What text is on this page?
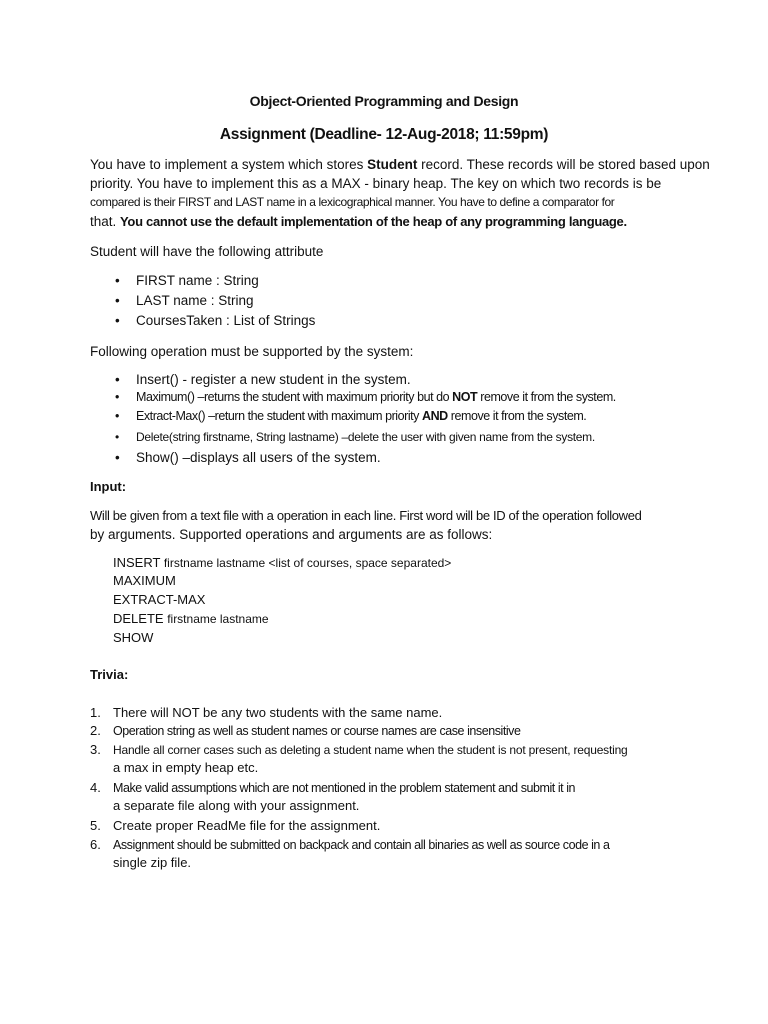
Object-Oriented Programming and Design
Assignment (Deadline- 12-Aug-2018; 11:59pm)
You have to implement a system which stores Student record. These records will be stored based upon
priority. You have to implement this as a MAX - binary heap. The key on which two records is be
compared is their FIRST and LAST name in a lexicographical manner. You have to define a comparator for
that. You cannot use the default implementation of the heap of any programming language.
Student will have the following attribute
• FIRST name : String
• LAST name : String
• CoursesTaken : List of Strings
Following operation must be supported by the system:
• Insert() - register a new student in the system.
• Maximum() –returns the student with maximum priority but do NOT remove it from the system.
• Extract-Max() –return the student with maximum priority AND remove it from the system.
• Delete(string firstname, String lastname) –delete the user with given name from the system.
• Show() –displays all users of the system.
Input:
Will be given from a text file with a operation in each line. First word will be ID of the operation followed
by arguments. Supported operations and arguments are as follows:
INSERT firstname lastname <list of courses, space separated>
MAXIMUM
EXTRACT-MAX
DELETE firstname lastname
SHOW
Trivia:
1. There will NOT be any two students with the same name.
2. Operation string as well as student names or course names are case insensitive
3. Handle all corner cases such as deleting a student name when the student is not present, requesting
a max in empty heap etc.
4. Make valid assumptions which are not mentioned in the problem statement and submit it in
a separate file along with your assignment.
5. Create proper ReadMe file for the assignment.
6. Assignment should be submitted on backpack and contain all binaries as well as source code in a
single zip file.
